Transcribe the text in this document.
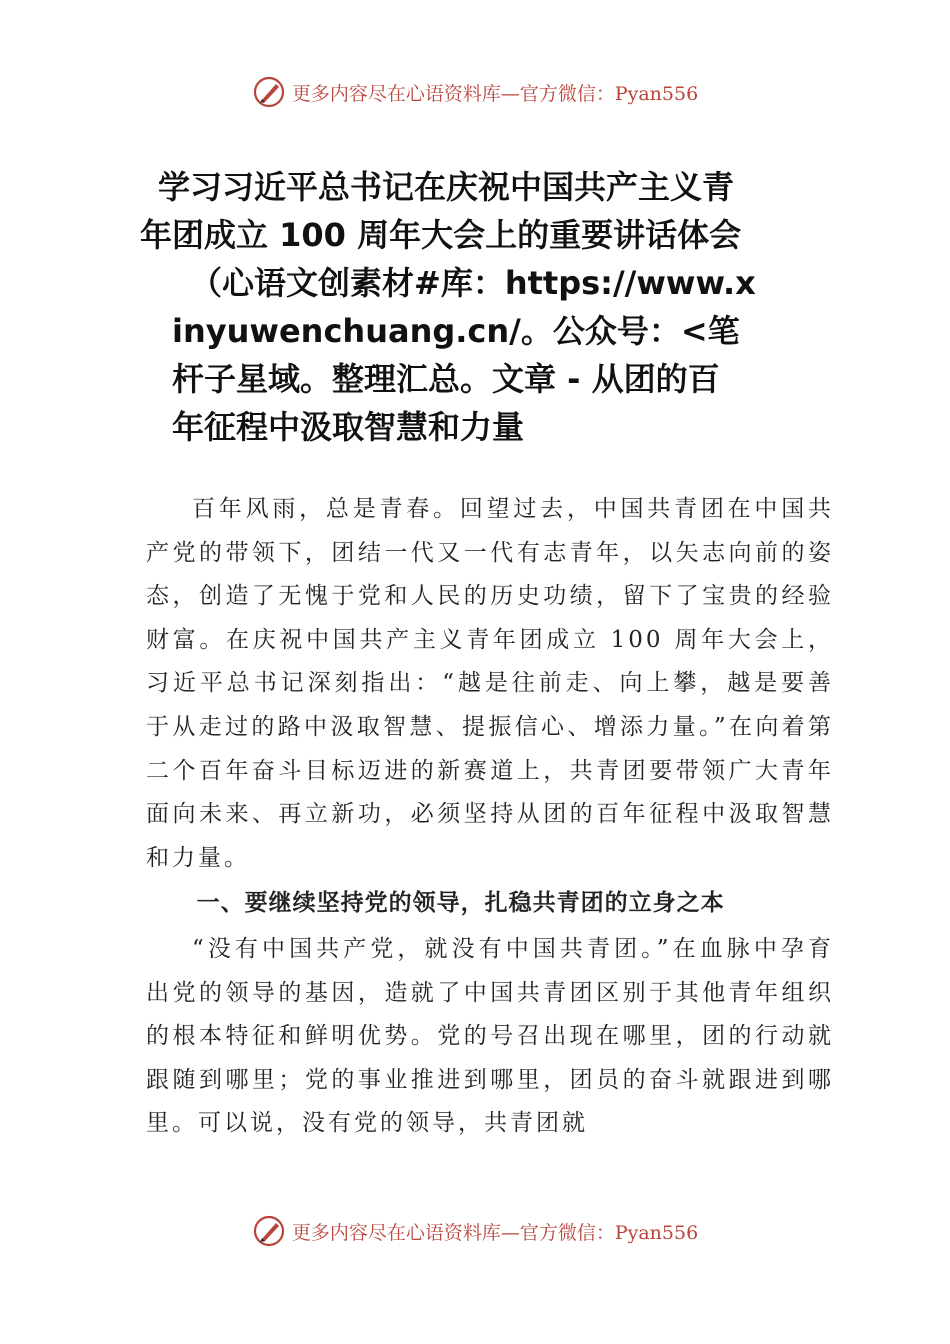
更多内容尽在心语资料库—官方微信：Pyan556
学习习近平总书记在庆祝中国共产主义青
年团成立 100 周年大会上的重要讲话体会
（心语文创素材#库：https://www.x
inyuwenchuang.cn/。公众号：<笔
杆子星域。整理汇总。文章 - 从团的百
年征程中汲取智慧和力量

百年风雨，总是青春。回望过去，中国共青团在中国共产党的带领下，团结一代又一代有志青年，以矢志向前的姿态，创造了无愧于党和人民的历史功绩，留下了宝贵的经验财富。在庆祝中国共产主义青年团成立 100 周年大会上，习近平总书记深刻指出：“越是往前走、向上攀，越是要善于从走过的路中汲取智慧、提振信心、增添力量。”在向着第二个百年奋斗目标迈进的新赛道上，共青团要带领广大青年面向未来、再立新功，必须坚持从团的百年征程中汲取智慧和力量。

一、要继续坚持党的领导，扎稳共青团的立身之本

“没有中国共产党，就没有中国共青团。”在血脉中孕育出党的领导的基因，造就了中国共青团区别于其他青年组织的根本特征和鲜明优势。党的号召出现在哪里，团的行动就跟随到哪里；党的事业推进到哪里，团员的奋斗就跟进到哪里。可以说，没有党的领导，共青团就

更多内容尽在心语资料库—官方微信：Pyan556
